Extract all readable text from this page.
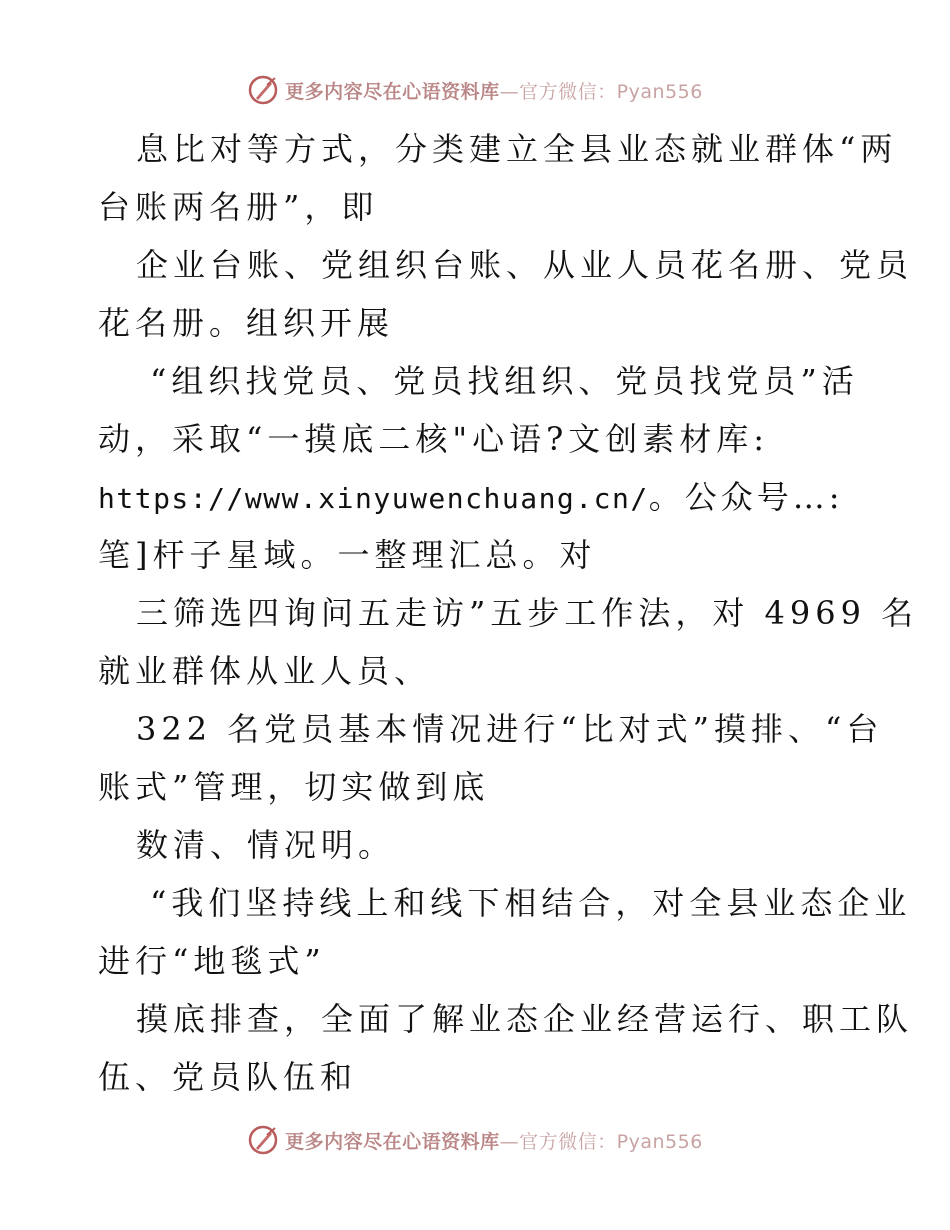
更多内容尽在心语资料库—官方微信：Pyan556
息比对等方式，分类建立全县业态就业群体“两
台账两名册”，即
企业台账、党组织台账、从业人员花名册、党员
花名册。组织开展
“组织找党员、党员找组织、党员找党员”活
动，采取“一摸底二核"心语?文创素材库:
https://www.xinyuwenchuang.cn/。公众号…:
笔]杆子星域。一整理汇总。对
三筛选四询问五走访”五步工作法，对 4969 名
就业群体从业人员、
322 名党员基本情况进行“比对式”摸排、“台
账式”管理，切实做到底
数清、情况明。
“我们坚持线上和线下相结合，对全县业态企业
进行“地毯式”
摸底排查，全面了解业态企业经营运行、职工队
伍、党员队伍和
更多内容尽在心语资料库—官方微信：Pyan556
